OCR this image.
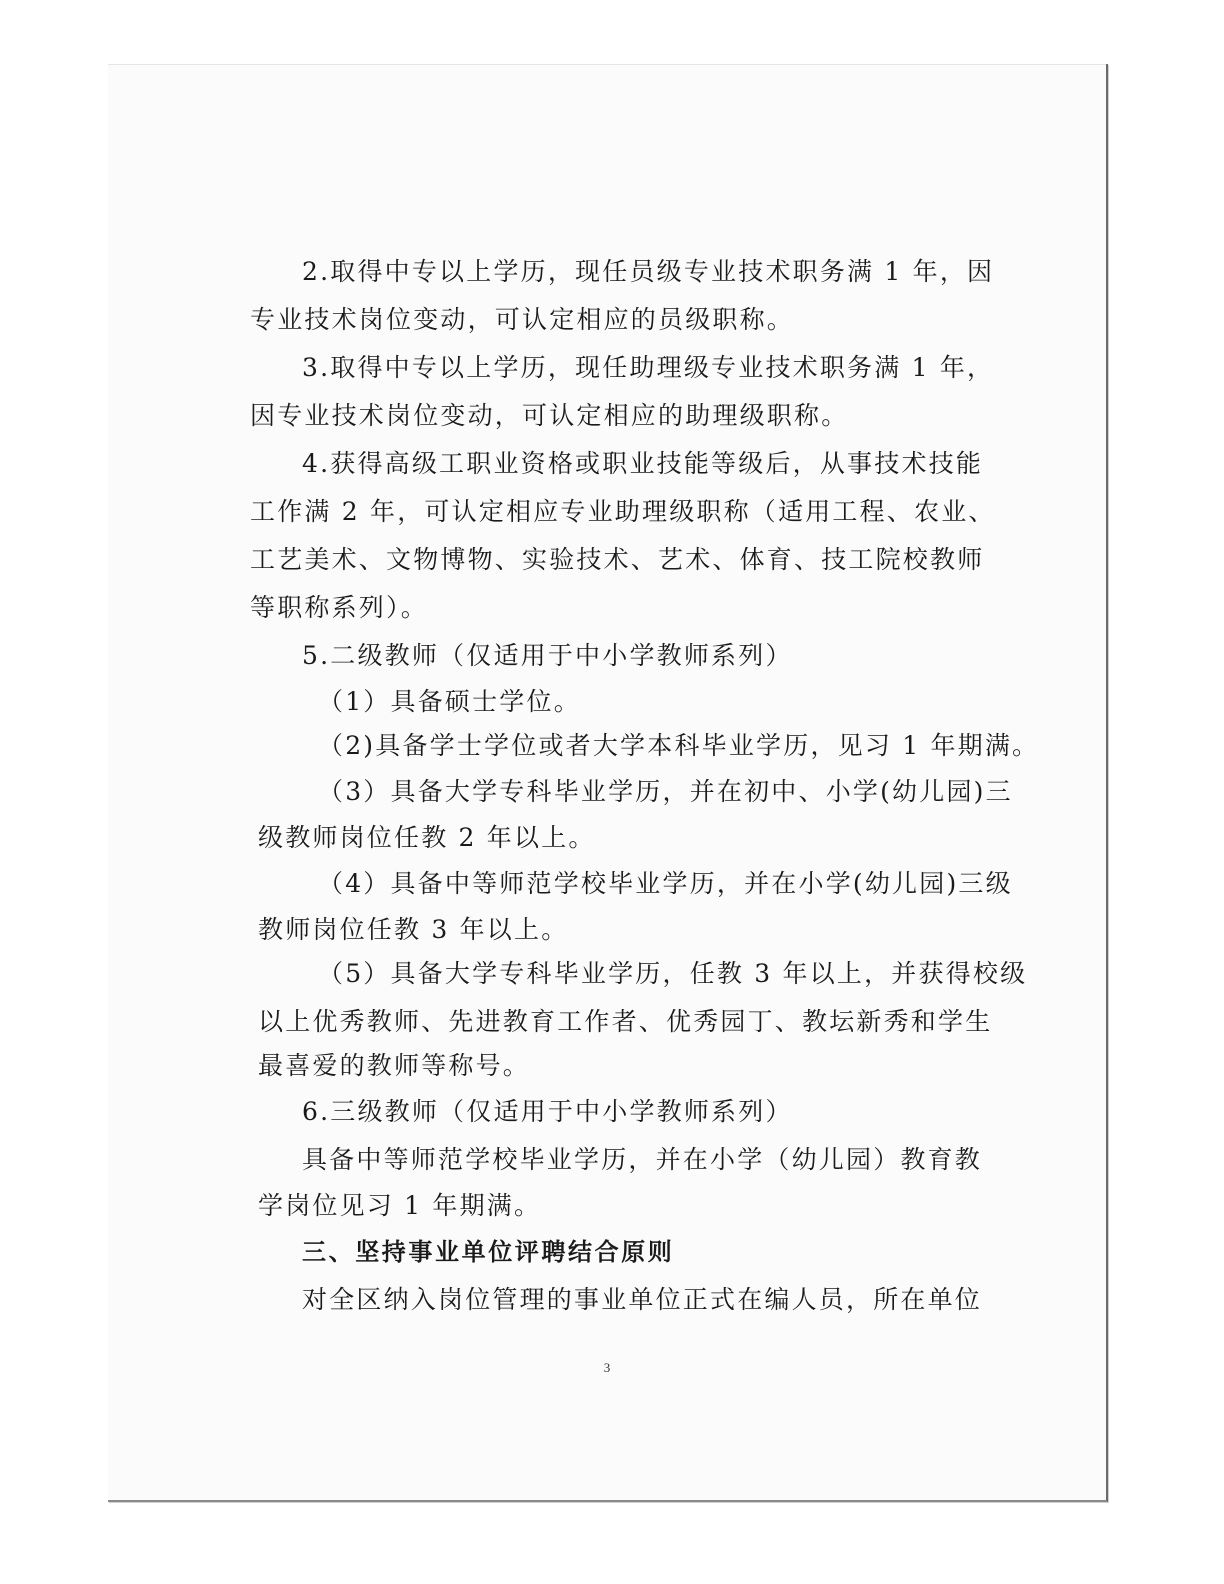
2.取得中专以上学历，现任员级专业技术职务满 1 年，因
专业技术岗位变动，可认定相应的员级职称。
3.取得中专以上学历，现任助理级专业技术职务满 1 年，
因专业技术岗位变动，可认定相应的助理级职称。
4.获得高级工职业资格或职业技能等级后，从事技术技能
工作满 2 年，可认定相应专业助理级职称（适用工程、农业、
工艺美术、文物博物、实验技术、艺术、体育、技工院校教师
等职称系列）。
5.二级教师（仅适用于中小学教师系列）
（1）具备硕士学位。
（2)具备学士学位或者大学本科毕业学历，见习 1 年期满。
（3）具备大学专科毕业学历，并在初中、小学(幼儿园)三
级教师岗位任教 2 年以上。
（4）具备中等师范学校毕业学历，并在小学(幼儿园)三级
教师岗位任教 3 年以上。
（5）具备大学专科毕业学历，任教 3 年以上，并获得校级
以上优秀教师、先进教育工作者、优秀园丁、教坛新秀和学生
最喜爱的教师等称号。
6.三级教师（仅适用于中小学教师系列）
具备中等师范学校毕业学历，并在小学（幼儿园）教育教
学岗位见习 1 年期满。
三、坚持事业单位评聘结合原则
对全区纳入岗位管理的事业单位正式在编人员，所在单位
3
